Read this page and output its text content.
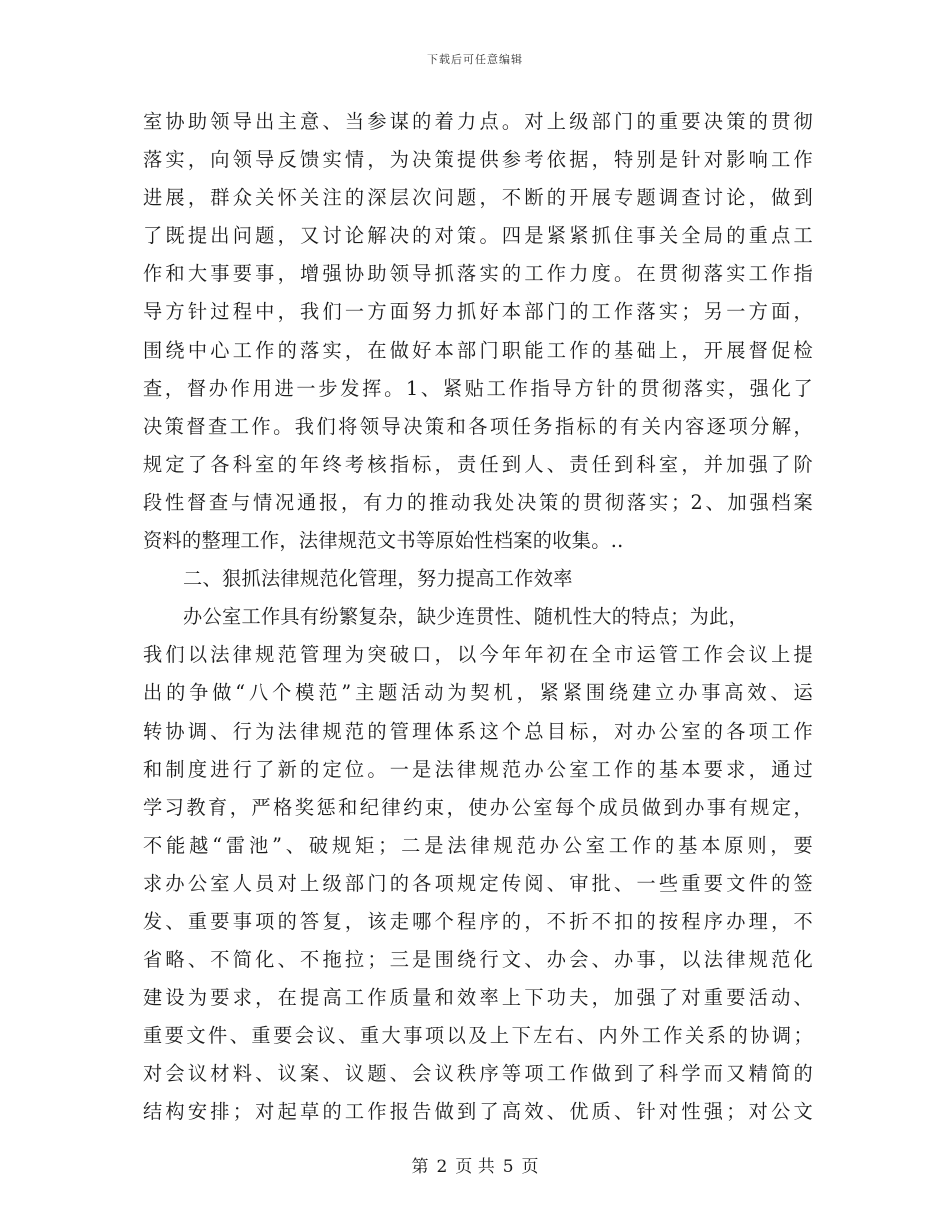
下载后可任意编辑
室协助领导出主意、当参谋的着力点。对上级部门的重要决策的贯彻
落实，向领导反馈实情，为决策提供参考依据，特别是针对影响工作
进展，群众关怀关注的深层次问题，不断的开展专题调查讨论，做到
了既提出问题，又讨论解决的对策。四是紧紧抓住事关全局的重点工
作和大事要事，增强协助领导抓落实的工作力度。在贯彻落实工作指
导方针过程中，我们一方面努力抓好本部门的工作落实；另一方面，
围绕中心工作的落实，在做好本部门职能工作的基础上，开展督促检
查，督办作用进一步发挥。1、紧贴工作指导方针的贯彻落实，强化了
决策督查工作。我们将领导决策和各项任务指标的有关内容逐项分解，
规定了各科室的年终考核指标，责任到人、责任到科室，并加强了阶
段性督查与情况通报，有力的推动我处决策的贯彻落实；2、加强档案
资料的整理工作，法律规范文书等原始性档案的收集。..
二、狠抓法律规范化管理，努力提高工作效率
办公室工作具有纷繁复杂，缺少连贯性、随机性大的特点；为此，
我们以法律规范管理为突破口，以今年年初在全市运管工作会议上提
出的争做“八个模范”主题活动为契机，紧紧围绕建立办事高效、运
转协调、行为法律规范的管理体系这个总目标，对办公室的各项工作
和制度进行了新的定位。一是法律规范办公室工作的基本要求，通过
学习教育，严格奖惩和纪律约束，使办公室每个成员做到办事有规定，
不能越“雷池”、破规矩；二是法律规范办公室工作的基本原则，要
求办公室人员对上级部门的各项规定传阅、审批、一些重要文件的签
发、重要事项的答复，该走哪个程序的，不折不扣的按程序办理，不
省略、不简化、不拖拉；三是围绕行文、办会、办事，以法律规范化
建设为要求，在提高工作质量和效率上下功夫，加强了对重要活动、
重要文件、重要会议、重大事项以及上下左右、内外工作关系的协调；
对会议材料、议案、议题、会议秩序等项工作做到了科学而又精简的
结构安排；对起草的工作报告做到了高效、优质、针对性强；对公文
第 2 页 共 5 页
